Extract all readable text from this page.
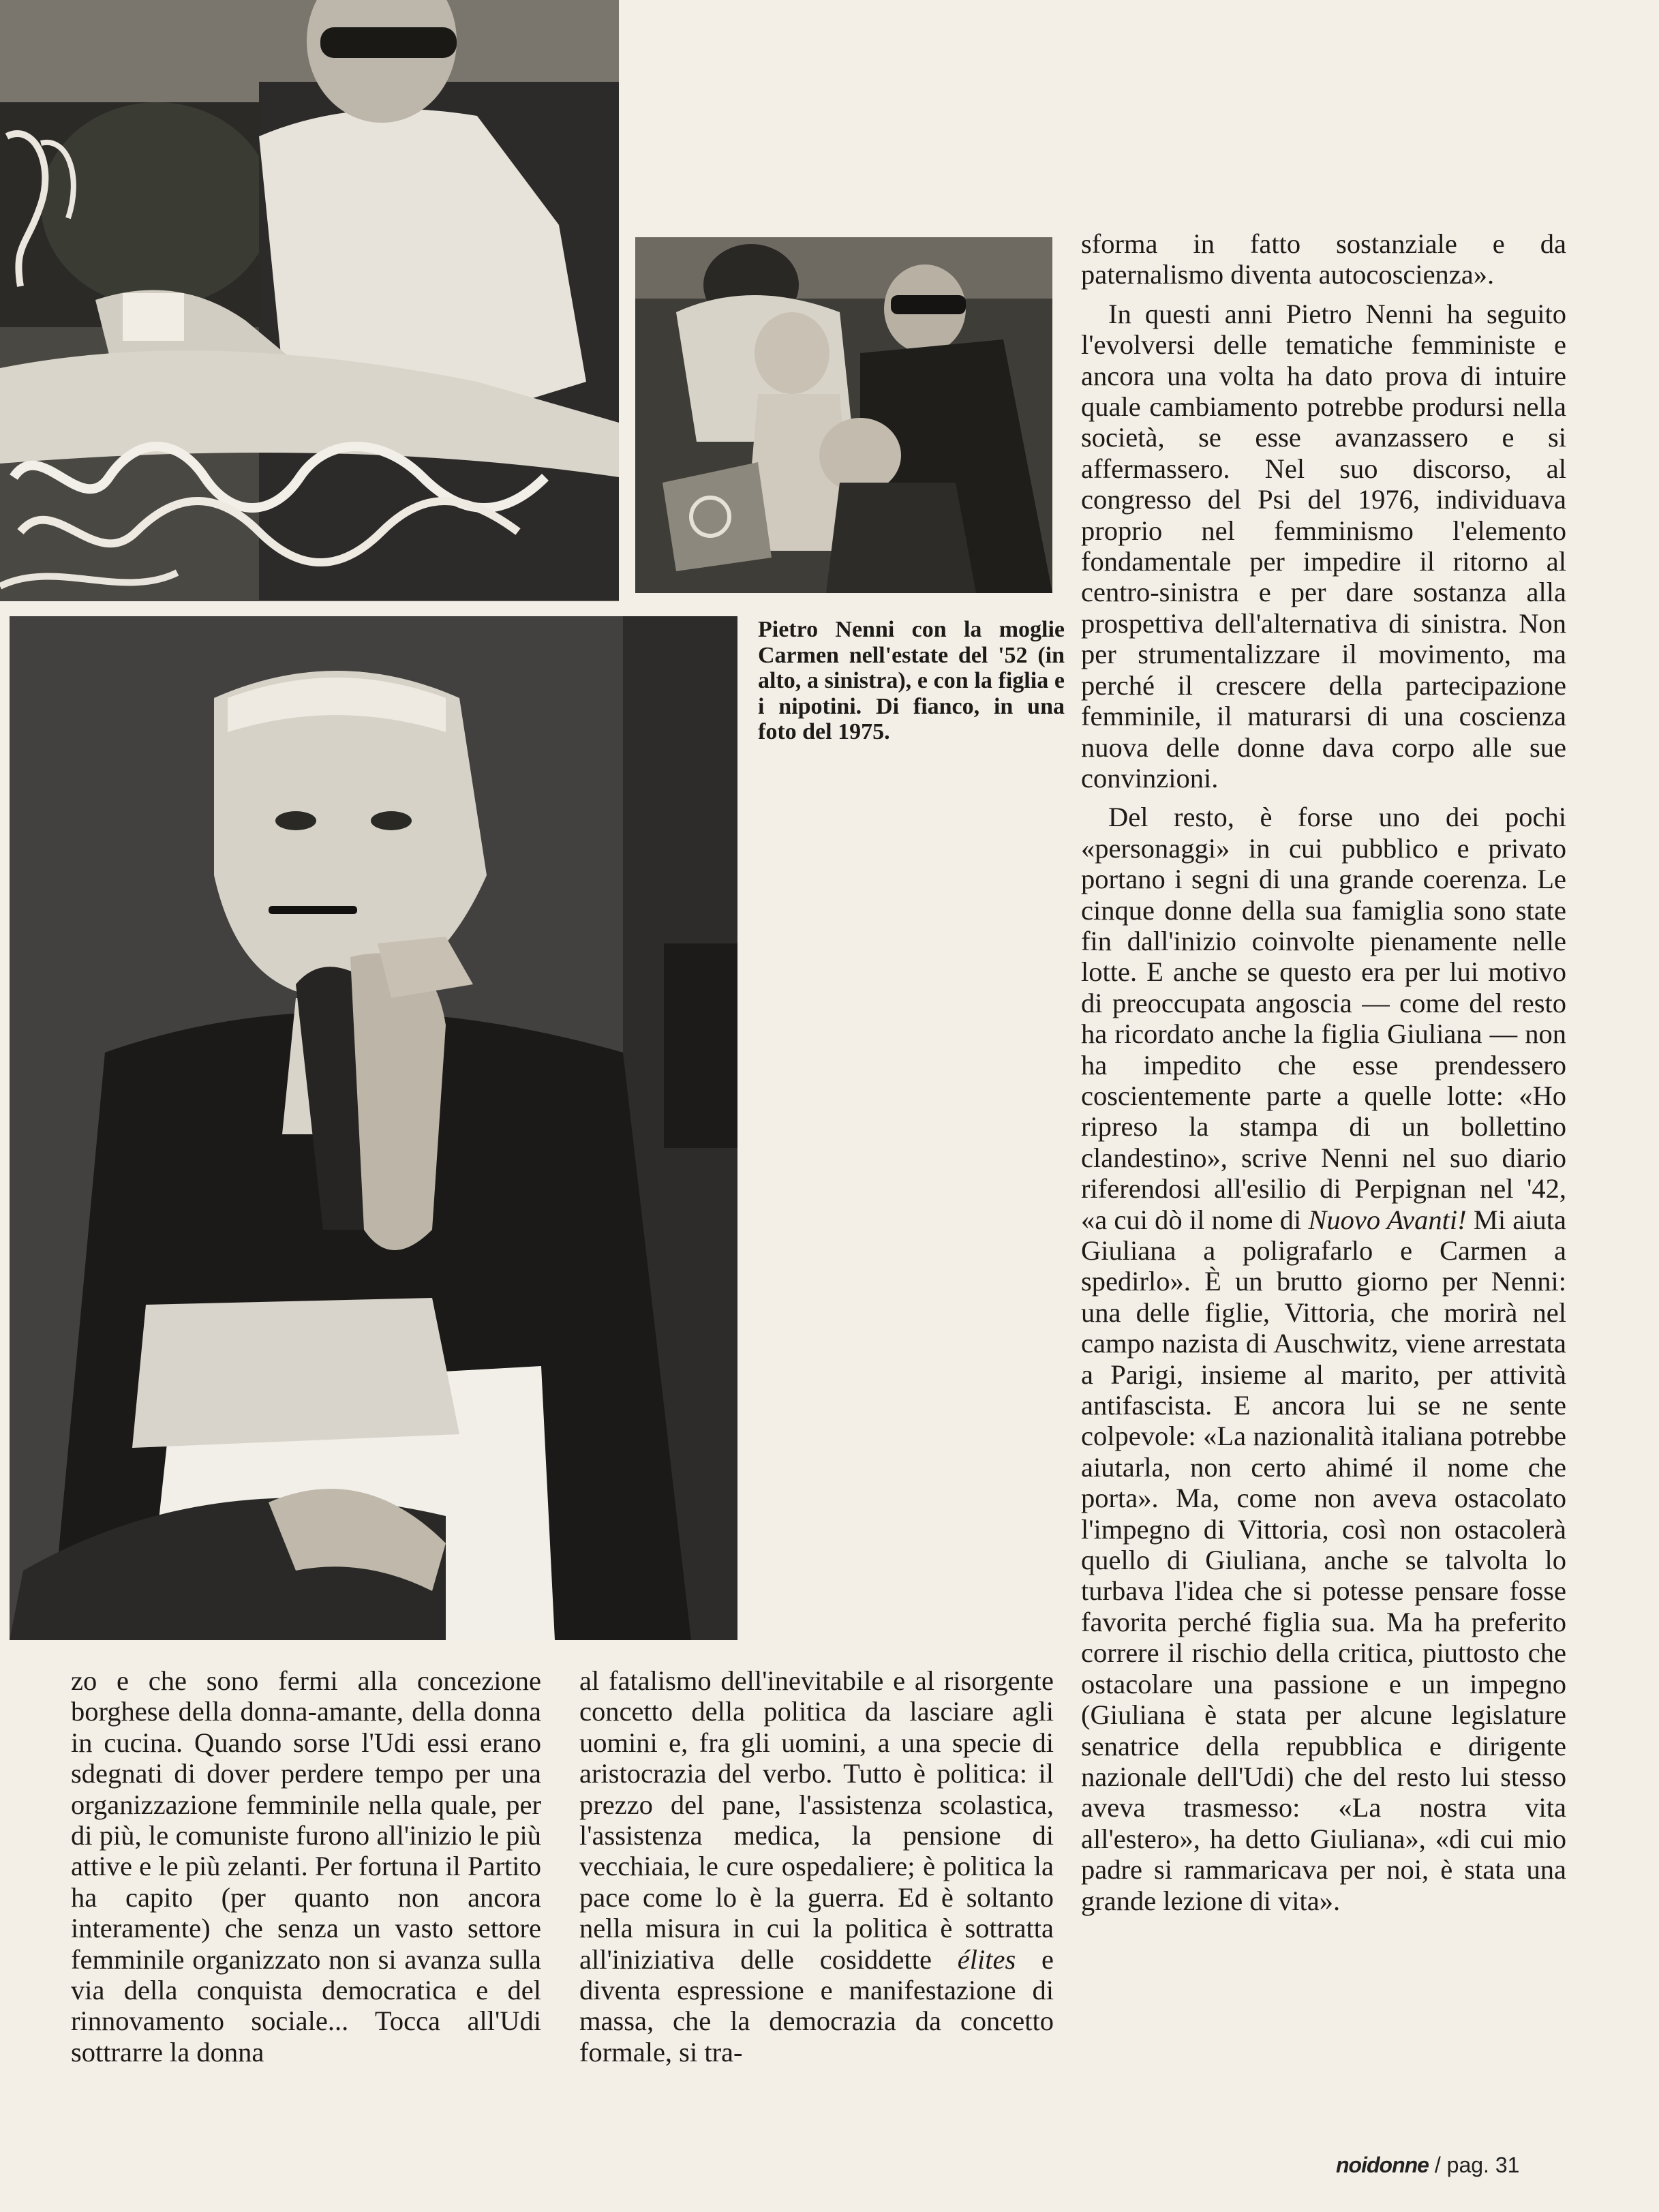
Pietro Nenni con la moglie Carmen nell'estate del '52 (in alto, a sinistra), e con la figlia e i nipotini. Di fianco, in una foto del 1975.

sforma in fatto sostanziale e da paternalismo diventa autocoscienza».

In questi anni Pietro Nenni ha seguito l'evolversi delle tematiche femministe e ancora una volta ha dato prova di intuire quale cambiamento potrebbe prodursi nella società, se esse avanzassero e si affermassero. Nel suo discorso, al congresso del Psi del 1976, individuava proprio nel femminismo l'elemento fondamentale per impedire il ritorno al centro-sinistra e per dare sostanza alla prospettiva dell'alternativa di sinistra. Non per strumentalizzare il movimento, ma perché il crescere della partecipazione femminile, il maturarsi di una coscienza nuova delle donne dava corpo alle sue convinzioni.

Del resto, è forse uno dei pochi «personaggi» in cui pubblico e privato portano i segni di una grande coerenza. Le cinque donne della sua famiglia sono state fin dall'inizio coinvolte pienamente nelle lotte. E anche se questo era per lui motivo di preoccupata angoscia — come del resto ha ricordato anche la figlia Giuliana — non ha impedito che esse prendessero coscientemente parte a quelle lotte: «Ho ripreso la stampa di un bollettino clandestino», scrive Nenni nel suo diario riferendosi all'esilio di Perpignan nel '42, «a cui dò il nome di Nuovo Avanti! Mi aiuta Giuliana a poligrafarlo e Carmen a spedirlo». È un brutto giorno per Nenni: una delle figlie, Vittoria, che morirà nel campo nazista di Auschwitz, viene arrestata a Parigi, insieme al marito, per attività antifascista. E ancora lui se ne sente colpevole: «La nazionalità italiana potrebbe aiutarla, non certo ahimé il nome che porta». Ma, come non aveva ostacolato l'impegno di Vittoria, così non ostacolerà quello di Giuliana, anche se talvolta lo turbava l'idea che si potesse pensare fosse favorita perché figlia sua. Ma ha preferito correre il rischio della critica, piuttosto che ostacolare una passione e un impegno (Giuliana è stata per alcune legislature senatrice della repubblica e dirigente nazionale dell'Udi) che del resto lui stesso aveva trasmesso: «La nostra vita all'estero», ha detto Giuliana», «di cui mio padre si rammaricava per noi, è stata una grande lezione di vita».

zo e che sono fermi alla concezione borghese della donna-amante, della donna in cucina. Quando sorse l'Udi essi erano sdegnati di dover perdere tempo per una organizzazione femminile nella quale, per di più, le comuniste furono all'inizio le più attive e le più zelanti. Per fortuna il Partito ha capito (per quanto non ancora interamente) che senza un vasto settore femminile organizzato non si avanza sulla via della conquista democratica e del rinnovamento sociale... Tocca all'Udi sottrarre la donna

al fatalismo dell'inevitabile e al risorgente concetto della politica da lasciare agli uomini e, fra gli uomini, a una specie di aristocrazia del verbo. Tutto è politica: il prezzo del pane, l'assistenza scolastica, l'assistenza medica, la pensione di vecchiaia, le cure ospedaliere; è politica la pace come lo è la guerra. Ed è soltanto nella misura in cui la politica è sottratta all'iniziativa delle cosiddette élites e diventa espressione e manifestazione di massa, che la democrazia da concetto formale, si tra-

noidonne / pag. 31
